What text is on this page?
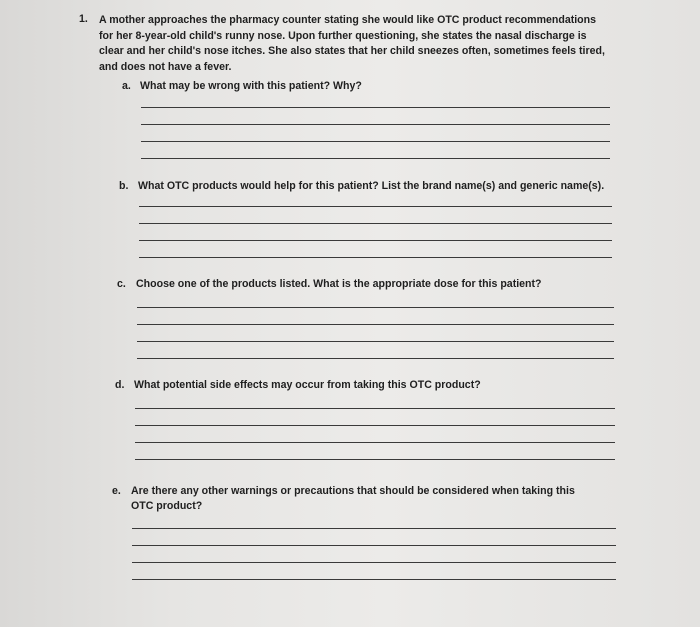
1. A mother approaches the pharmacy counter stating she would like OTC product recommendations
for her 8-year-old child's runny nose. Upon further questioning, she states the nasal discharge is
clear and her child's nose itches. She also states that her child sneezes often, sometimes feels tired,
and does not have a fever.
a. What may be wrong with this patient? Why?
b. What OTC products would help for this patient? List the brand name(s) and generic name(s).
c. Choose one of the products listed. What is the appropriate dose for this patient?
d. What potential side effects may occur from taking this OTC product?
e. Are there any other warnings or precautions that should be considered when taking this
OTC product?
